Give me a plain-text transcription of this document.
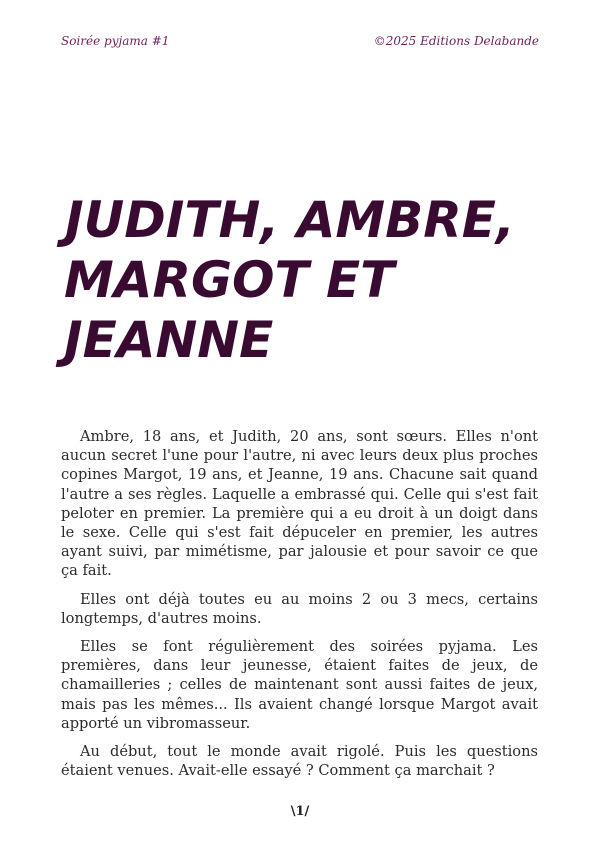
Soirée pyjama #1	©2025 Editions Delabande
JUDITH, AMBRE,
MARGOT ET JEANNE

Ambre, 18 ans, et Judith, 20 ans, sont sœurs. Elles n'ont aucun secret l'une pour l'autre, ni avec leurs deux plus proches copines Margot, 19 ans, et Jeanne, 19 ans. Chacune sait quand l'autre a ses règles. Laquelle a embrassé qui. Celle qui s'est fait peloter en premier. La première qui a eu droit à un doigt dans le sexe. Celle qui s'est fait dépuceler en premier, les autres ayant suivi, par mimétisme, par jalousie et pour savoir ce que ça fait.

Elles ont déjà toutes eu au moins 2 ou 3 mecs, certains longtemps, d'autres moins.

Elles se font régulièrement des soirées pyjama. Les premières, dans leur jeunesse, étaient faites de jeux, de chamailleries ; celles de maintenant sont aussi faites de jeux, mais pas les mêmes... Ils avaient changé lorsque Margot avait apporté un vibromasseur.

Au début, tout le monde avait rigolé. Puis les questions étaient venues. Avait-elle essayé ? Comment ça marchait ?

\1/
